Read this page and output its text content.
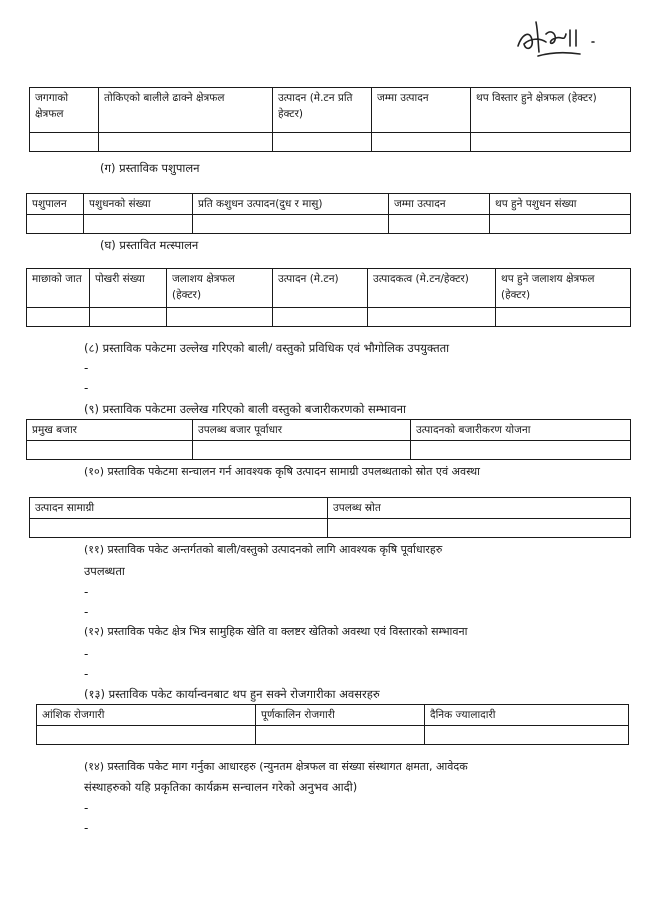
जगगाको क्षेत्रफल	तोकिएको बालीले ढाक्ने क्षेत्रफल	उत्पादन (मे.टन प्रति हेक्टर)	जम्मा उत्पादन	थप विस्तार हुने क्षेत्रफल (हेक्टर)

(ग) प्रस्ताविक पशुपालन
पशुपालन	पशुधनको संख्या	प्रति कशुधन उत्पादन(दुध र मासु)	जम्मा उत्पादन	थप हुने पशुधन संख्या

(घ) प्रस्तावित मत्स्पालन
माछाको जात	पोखरी संख्या	जलाशय क्षेत्रफल (हेक्टर)	उत्पादन (मे.टन)	उत्पादकत्व (मे.टन/हेक्टर)	थप हुने जलाशय क्षेत्रफल (हेक्टर)

(८) प्रस्ताविक पकेटमा उल्लेख गरिएको बाली/ वस्तुको प्रविधिक एवं भौगोलिक उपयुक्तता
-
-
(९) प्रस्ताविक पकेटमा उल्लेख गरिएको बाली वस्तुको बजारीकरणको सम्भावना
प्रमुख बजार	उपलब्ध बजार पूर्वाधार	उत्पादनको बजारीकरण योजना

(१०) प्रस्ताविक पकेटमा सन्चालन गर्न आवश्यक कृषि उत्पादन सामाग्री उपलब्धताको स्रोत एवं अवस्था
उत्पादन सामाग्री	उपलब्ध स्रोत

(११) प्रस्ताविक पकेट अन्तर्गतको बाली/वस्तुको उत्पादनको लागि आवश्यक कृषि पूर्वाधारहरु
उपलब्धता
-
-
(१२) प्रस्ताविक पकेट क्षेत्र भित्र सामुहिक खेति वा क्लष्टर खेतिको अवस्था एवं विस्तारको सम्भावना
-
-
(१३) प्रस्ताविक पकेट कार्यान्वनबाट थप हुन सक्ने रोजगारीका अवसरहरु
आंशिक रोजगारी	पूर्णकालिन रोजगारी	दैनिक ज्यालादारी

(१४) प्रस्ताविक पकेट माग गर्नुका आधारहरु (न्युनतम क्षेत्रफल वा संख्या संस्थागत क्षमता, आवेदक
संस्थाहरुको यहि प्रकृतिका कार्यक्रम सन्चालन गरेको अनुभव आदी)
-
-
